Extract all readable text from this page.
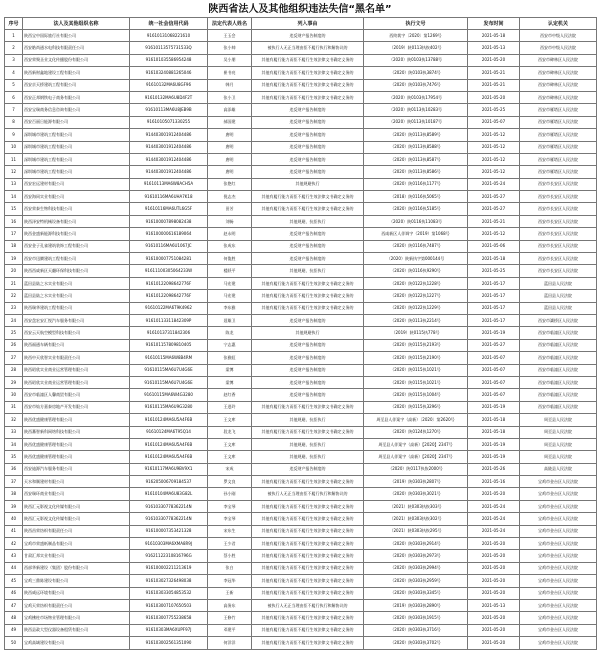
陕西省法人及其他组织违法失信“黑名单”
序号	法人及其他组织名称	统一社会信用代码	法定代表人姓名	列入事由	执行文号	发布时间	认定机关
1	陕西宝中国际旅行社有限公司	91610131068221610	王玉会	违反财产报告制度的	西终裁字〔2020〕第1269号	2021-05-18	西安市中级人民法院
2	西安皓尚通水电科技有限责任公司	91610113575731533Q	张小帅	被执行人无正当理由拒不履行执行和解协议的	（2019）陕0113执恢402号	2021-05-13	西安市中级人民法院
3	西安荣聚圣业文化传播股份有限公司	916101035586954248	吴小朋	其他有履行能力而拒不履行生效法律文书确定义务的	（2020）陕0103执13788号	2021-05-20	西安市碑林区人民法院
4	陕西新财鑫地建设工程有限公司	916103240881265046	崔书亮	其他有履行能力而拒不履行生效法律文书确定义务的	（2020）陕0103执3874号	2021-05-21	西安市碑林区人民法院
5	西安京天桥建筑工程有限公司	91610132MA6U8GF96	韩月	其他有履行能力而拒不履行生效法律文书确定义务的	（2020）陕0103执7476号	2021-05-21	西安市碑林区人民法院
6	西安正邦钢铁电子商务有限公司	91610132MA6U8D4F2T	张小卫	其他有履行能力而拒不履行生效法律文书确定义务的	（2020）陕0103执17954号	2021-05-20	西安市碑林区人民法院
7	西安宝瑞商务信息咨询有限公司	91610113MA6U8JEB9B	高添雄	违反财产报告制度的	（2020）陕0113执10283号	2021-05-25	西安市雁塔区人民法院
8	西安百丽日能源有限公司	91610105071330255	郝国建	违反财产报告制度的	（2020）陕0113执10187号	2021-05-07	西安市雁塔区人民法院
9	深圳城市建筑工程有限公司	914403001912404486	唐明	违反财产报告制度的	（2020）陕0113执8589号	2021-05-12	西安市雁塔区人民法院
10	深圳城市建筑工程有限公司	914403001912404486	唐明	违反财产报告制度的	（2020）陕0113执8588号	2021-05-12	西安市雁塔区人民法院
11	深圳城市建筑工程有限公司	914403001912404486	唐明	违反财产报告制度的	（2020）陕0113执8587号	2021-05-12	西安市雁塔区人民法院
12	深圳城市建筑工程有限公司	914403001912404486	唐明	违反财产报告制度的	（2020）陕0113执8586号	2021-05-12	西安市雁塔区人民法院
13	西安宏远建材有限公司	91610113MA6W8ACH5A	张艳红	其他规避执行	（2020）陕0116执1177号	2021-05-24	西安市长安区人民法院
14	西安海同实业有限公司	91610116MA6UHA7K18	倪志杰	其他有履行能力而拒不履行生效法律文书确定义务的	（2018）陕0116执5065号	2021-05-27	西安市长安区人民法院
15	西安荣泰生物科技有限公司	91610116MA6UTL6G5F	田芳	其他有履行能力而拒不履行生效法律文书确定义务的	（2020）陕0116执5185号	2021-05-27	西安市长安区人民法院
16	陕西泽安特机械设备有限公司	916100007898082438	刘畅	其他规避、抗拒执行	（2020）陕0116执11083号	2021-05-21	西安市长安区人民法院
17	陕西金盛新能源科技有限公司	916100000616189064	赵永明	违反财产报告制度的	西咸新区人伴调字（2019）第1068号	2021-05-12	西安市长安区人民法院
18	西安金子孔雀建筑装饰工程有限公司	91610116MA6U1067JC	张成东	违反财产报告制度的	（2020）陕0116执7487号	2021-05-06	西安市长安区人民法院
19	西安市迅腾建筑工程有限公司	916100007751084281	何俊胜	违反财产报告制度的	（2020）陕新执字第000144号	2021-05-18	西安市长安区人民法院
20	陕西西咸新区天翻环保科技有限公司	91611100305064233W	楼跃平	其他规避、抗拒执行	（2020）陕0116执9290号	2021-05-25	西安市长安区人民法院
21	蓝田县陆之水实业有限公司	91610122098642776F	马宏建	其他有履行能力而拒不履行生效法律文书确定义务的	（2020）陕0122执1228号	2021-05-17	蓝田县人民法院
22	蓝田县陆之水实业有限公司	91610122098642776F	马宏建	其他有履行能力而拒不履行生效法律文书确定义务的	（2020）陕0122执1227号	2021-05-17	蓝田县人民法院
23	陕西瑞华建筑工程有限公司	91610122MA6T9K4962	李东雅	其他有履行能力而拒不履行生效法律文书确定义务的	（2020）陕0122执1229号	2021-05-17	蓝田县人民法院
24	西安盘宏安汇悦汽车服务有限公司	91610113311842309P	聂雄卫	违反财产报告制度的	（2020）陕0113执2214号	2021-05-17	西安市灞桥区人民法院
25	西安云天航空模型科技有限公司	91610137311842306	陈龙	其他规避执行	（2019）陕0115执778号	2021-05-19	西安市临潼区人民法院
26	陕西福通车辆有限公司	916101157809810405	宁志惠	违反财产报告制度的	（2020）陕0115执2193号	2021-05-27	西安市临潼区人民法院
27	陕西中天欣智实业有限责任公司	91610115MA6W8B4RM	张雅虹	违反财产报告制度的	（2020）陕0115执2190号	2021-05-07	西安市临潼区人民法院
28	陕西昭欣实业商业运营管理有限公司	91610115MA6U7U4G6E	梁博	违反财产报告制度的	（2020）陕0115执1021号	2021-05-07	西安市临潼区人民法院
29	陕西昭欣实业商业运营管理有限公司	91610115MA6U7U4G6E	梁博	违反财产报告制度的	（2020）陕0115执1021号	2021-05-07	西安市临潼区人民法院
30	西安市临潼区人馨商贸有限公司	91610115MA6W4G3280	赵红香	违反财产报告制度的	（2020）陕0115执1004号	2021-05-07	西安市临潼区人民法院
31	西安市灿方嘉泰房地产开发有限公司	91610115MA6U9G3280	王进玲	其他有履行能力而拒不履行生效法律文书确定义务的	（2020）陕0115执3296号	2021-05-19	西安市临潼区人民法院
32	陕西优盛健康管理有限公司	91610124MA6U5A4F6B	王文库	其他规避、抗拒执行	周至县人伴案字（高新）〔2020〕第2620号	2021-05-18	周至县人民法院
33	陕西蕃智新科网络科技有限公司	91610124MA6T95Q14	段龙飞	其他有履行能力而拒不履行生效法律文书确定义务的	（2020）陕0124执1270号	2021-05-18	周至县人民法院
34	陕西优盛健康管理有限公司	91610124MA6U5A4F6B	王文库	其他规避、抗拒执行	周至县人伴案字（高新）【2020】2347号	2021-05-19	周至县人民法院
35	陕西优盛健康管理有限公司	91610124MA6U5A4F6B	王文库	其他规避、抗拒执行	周至县人伴案字（高新）【2020】2347号	2021-05-19	周至县人民法院
36	西安迪源汽车服务有限公司	91610117MA6U9BV9X1	宋成	违反财产报告制度的	（2020）陕0117执恢2000号	2021-05-26	高陵县人民法院
37	天水和顺建材有限公司	916205006709184537	罗文良	其他有履行能力而拒不履行生效法律文书确定义务的	（2019）陕0303执2807号	2021-05-16	宝鸡市金台区人民法院
38	西安瑞环商业有限公司	91610104MA6U83G82L	孙小刚	被执行人无正当理由拒不履行执行和解协议的	（2020）陕0303执3021号	2021-05-20	宝鸡市金台区人民法院
39	陕西汇元影视文化传媒有限公司	91610330778362214N	李宝琴	其他有履行能力而拒不履行生效法律文书确定义务的	（2021）陕0303执恢303号	2021-05-24	宝鸡市金台区人民法院
40	陕西汇元影视文化传媒有限公司	91610330778362214N	李宝琴	其他有履行能力而拒不履行生效法律文书确定义务的	（2021）陕0303执恢302号	2021-05-24	宝鸡市金台区人民法院
41	陕西昌荣纺织有限责任公司	916100007353421328	宋东生	其他有履行能力而拒不履行生效法律文书确定义务的	（2021）陕0303执恢295号	2021-05-24	宝鸡市金台区人民法院
42	宝鸡市荣盛纸制品有限公司	91610303MA6XMA8R9J	王少君	其他有履行能力而拒不履行生效法律文书确定义务的	（2020）陕0303执2914号	2021-05-20	宝鸡市金台区人民法院
43	甘肃汇邦实业有限公司	91621122310816796G	蔡小胜	其他有履行能力而拒不履行生效法律文书确定义务的	（2020）陕0303执2973号	2021-05-20	宝鸡市金台区人民法院
44	西部华新建设（集团）股份有限公司	916100002211213619	张白	其他有履行能力而拒不履行生效法律文书确定义务的	（2020）陕0303执2994号	2021-05-20	宝鸡市金台区人民法院
45	宝鸡三鼎陈建设有限公司	916103027326498038	李冠华	其他有履行能力而拒不履行生效法律文书确定义务的	（2020）陕0303执2959号	2021-05-20	宝鸡市金台区人民法院
46	陕西威远环境有限公司	916103033054853532	王新	其他有履行能力而拒不履行生效法律文书确定义务的	（2020）陕0303执3345号	2021-05-20	宝鸡市金台区人民法院
47	宝鸡天荣纺织有限责任公司	916103007107650503	高务东	被执行人无正当理由拒不履行执行和解协议的	（2019）陕0303执2890号	2021-05-13	宝鸡市金台区人民法院
48	宝鸡拂柱市场物业管理有限公司	916103007755238658	王修竹	其他有履行能力而拒不履行生效法律文书确定义务的	（2020）陕0303执1915号	2021-05-20	宝鸡市金台区人民法院
49	陕西县政大型仪器设备租赁有限公司	91610303MA6XUPF97J	邓建平	其他有履行能力而拒不履行生效法律文书确定义务的	（2020）陕0303执3716号	2021-05-20	宝鸡市金台区人民法院
50	宝鸡高域建设有限公司	916103002561351090	何洋洋	其他有履行能力而拒不履行生效法律文书确定义务的	（2020）陕0303执3702号	2021-05-20	宝鸡市金台区人民法院
